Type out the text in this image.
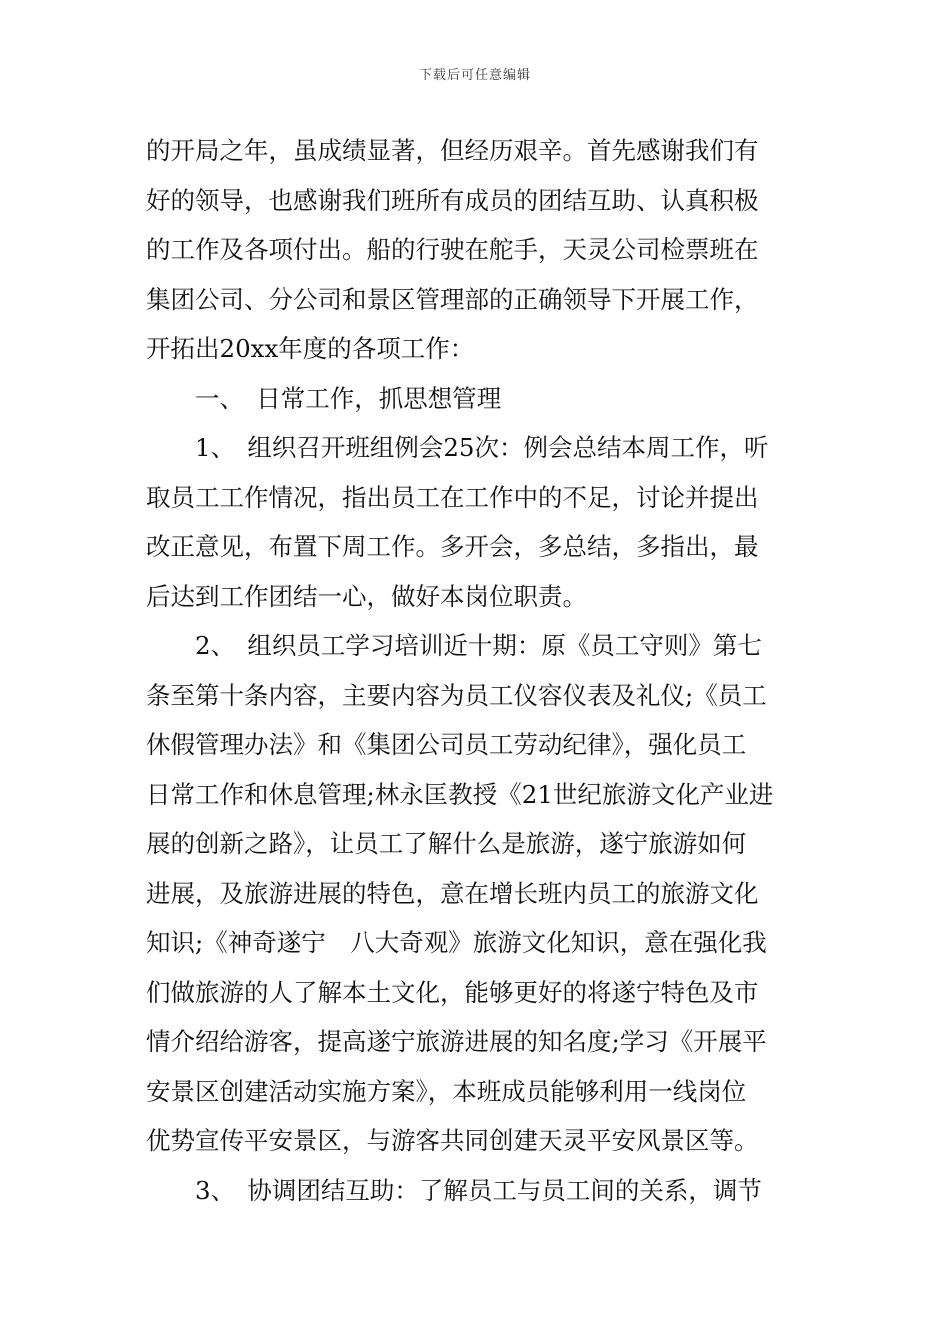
下载后可任意编辑
的开局之年，虽成绩显著，但经历艰辛。首先感谢我们有
好的领导，也感谢我们班所有成员的团结互助、认真积极
的工作及各项付出。船的行驶在舵手，天灵公司检票班在
集团公司、分公司和景区管理部的正确领导下开展工作，
开拓出20xx年度的各项工作：
一、　日常工作，抓思想管理
1、　组织召开班组例会25次：例会总结本周工作，听
取员工工作情况，指出员工在工作中的不足，讨论并提出
改正意见，布置下周工作。多开会，多总结，多指出，最
后达到工作团结一心，做好本岗位职责。
2、　组织员工学习培训近十期：原《员工守则》第七
条至第十条内容，主要内容为员工仪容仪表及礼仪;《员工
休假管理办法》和《集团公司员工劳动纪律》，强化员工
日常工作和休息管理;林永匡教授《21世纪旅游文化产业进
展的创新之路》，让员工了解什么是旅游，遂宁旅游如何
进展，及旅游进展的特色，意在增长班内员工的旅游文化
知识;《神奇遂宁　八大奇观》旅游文化知识，意在强化我
们做旅游的人了解本土文化，能够更好的将遂宁特色及市
情介绍给游客，提高遂宁旅游进展的知名度;学习《开展平
安景区创建活动实施方案》，本班成员能够利用一线岗位
优势宣传平安景区，与游客共同创建天灵平安风景区等。
3、　协调团结互助：了解员工与员工间的关系，调节
